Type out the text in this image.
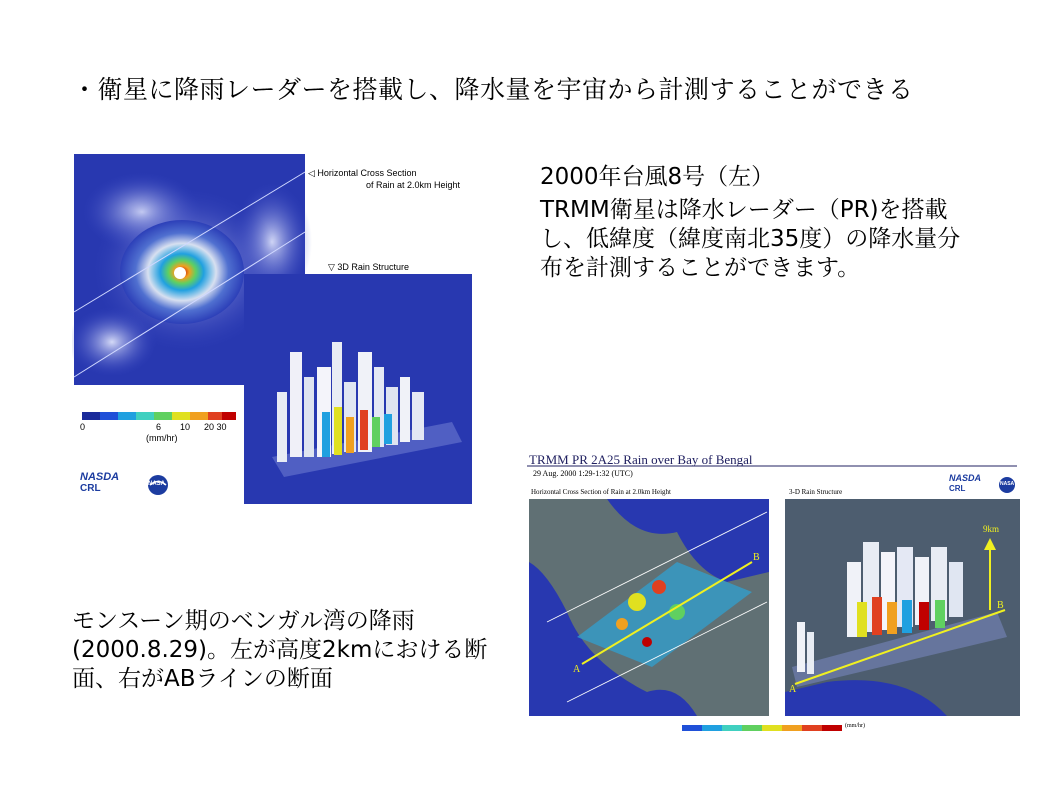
・衛星に降雨レーダーを搭載し、降水量を宇宙から計測することができる
◁ Horizontal Cross Section
of Rain at 2.0km Height
▽ 3D Rain Structure
0	6 10 20 30
(mm/hr)
NASDA
CRL	NASA
2000年台風8号（左）
TRMM衛星は降水レーダー（PR)を搭載し、低緯度（緯度南北35度）の降水量分布を計測することができます。
TRMM PR 2A25 Rain over Bay of Bengal
29 Aug. 2000 1:29-1:32 (UTC)
Horizontal Cross Section of Rain at 2.0km Height	3-D Rain Structure
A
B
A
B
9km
NASDA
CRL	NASA
(mm/hr)
モンスーン期のベンガル湾の降雨(2000.8.29)。左が高度2kmにおける断面、右がABラインの断面
